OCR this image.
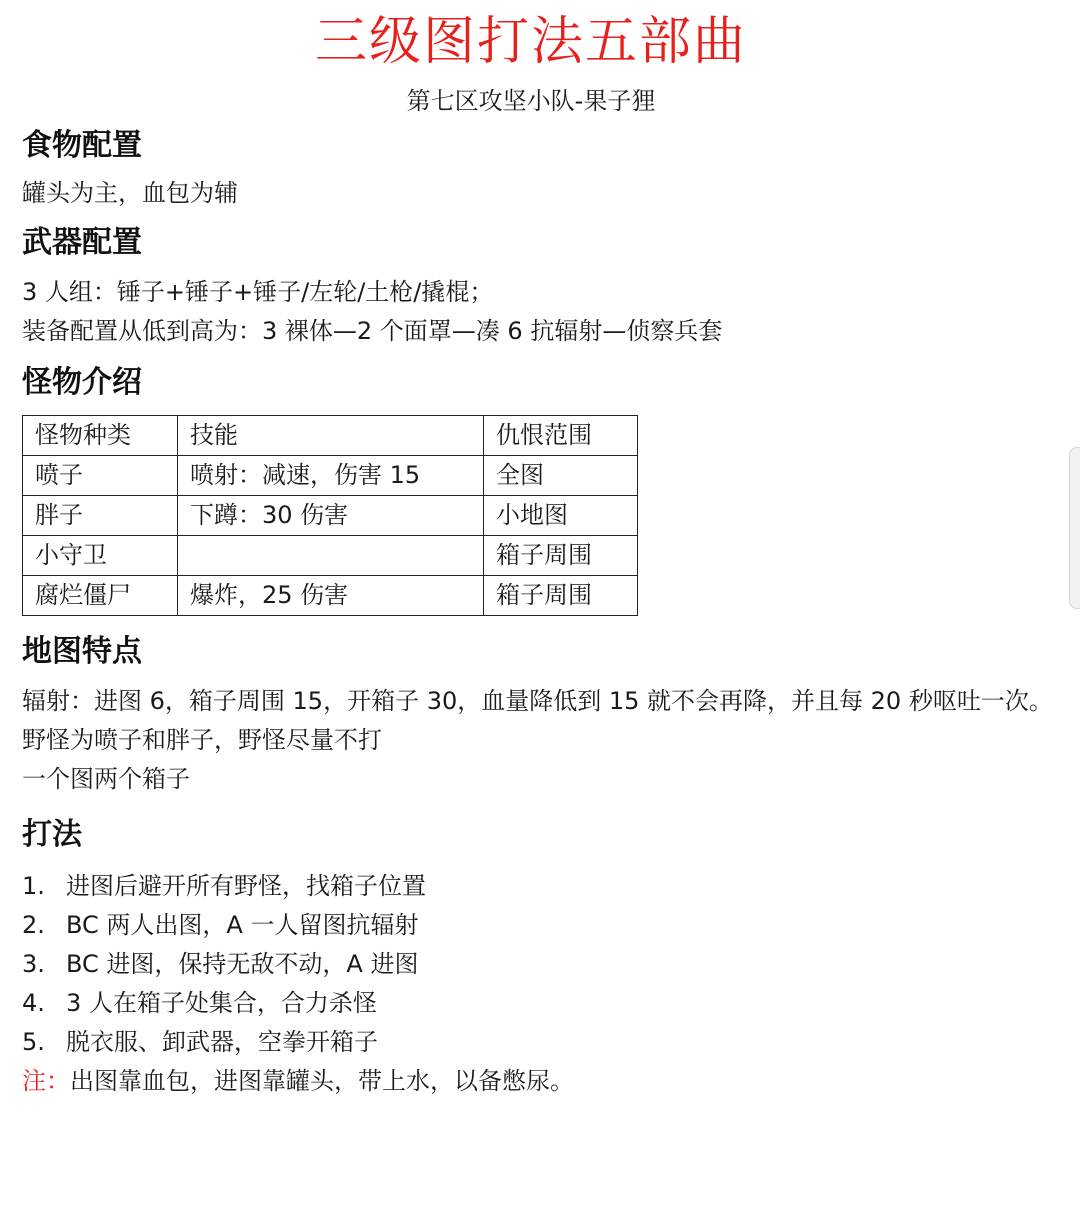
三级图打法五部曲
第七区攻坚小队-果子狸
食物配置

罐头为主，血包为辅

武器配置

3 人组：锤子+锤子+锤子/左轮/土枪/撬棍；

装备配置从低到高为：3 裸体—2 个面罩—凑 6 抗辐射—侦察兵套

怪物介绍
怪物种类	技能	仇恨范围
喷子	喷射：减速，伤害 15	全图
胖子	下蹲：30 伤害	小地图
小守卫		箱子周围
腐烂僵尸	爆炸，25 伤害	箱子周围
地图特点

辐射：进图 6，箱子周围 15，开箱子 30，血量降低到 15 就不会再降，并且每 20 秒呕吐一次。

野怪为喷子和胖子，野怪尽量不打

一个图两个箱子

打法
1. 进图后避开所有野怪，找箱子位置
2. BC 两人出图，A 一人留图抗辐射
3. BC 进图，保持无敌不动，A 进图
4. 3 人在箱子处集合，合力杀怪
5. 脱衣服、卸武器，空拳开箱子
注：出图靠血包，进图靠罐头，带上水，以备憋尿。
